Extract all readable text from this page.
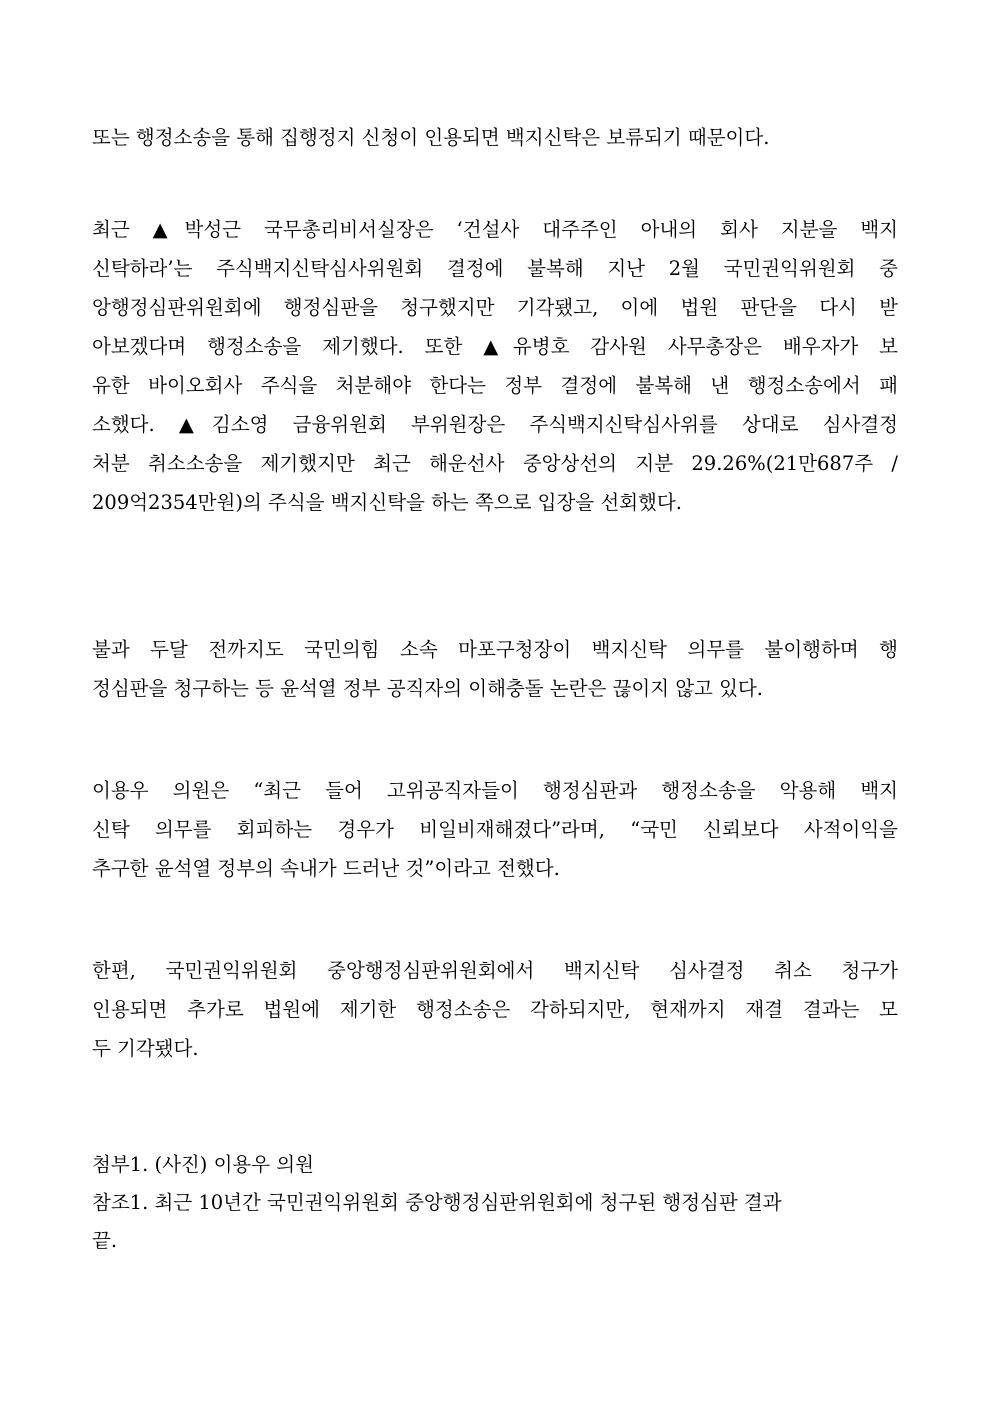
또는 행정소송을 통해 집행정지 신청이 인용되면 백지신탁은 보류되기 때문이다.
최근 ▲박성근 국무총리비서실장은 ‘건설사 대주주인 아내의 회사 지분을 백지
신탁하라’는 주식백지신탁심사위원회 결정에 불복해 지난 2월 국민권익위원회 중
앙행정심판위원회에 행정심판을 청구했지만 기각됐고, 이에 법원 판단을 다시 받
아보겠다며 행정소송을 제기했다. 또한 ▲유병호 감사원 사무총장은 배우자가 보
유한 바이오회사 주식을 처분해야 한다는 정부 결정에 불복해 낸 행정소송에서 패
소했다. ▲김소영 금융위원회 부위원장은 주식백지신탁심사위를 상대로 심사결정
처분 취소소송을 제기했지만 최근 해운선사 중앙상선의 지분 29.26%(21만687주 /
209억2354만원)의 주식을 백지신탁을 하는 쪽으로 입장을 선회했다.
불과 두달 전까지도 국민의힘 소속 마포구청장이 백지신탁 의무를 불이행하며 행
정심판을 청구하는 등 윤석열 정부 공직자의 이해충돌 논란은 끊이지 않고 있다.
이용우 의원은 “최근 들어 고위공직자들이 행정심판과 행정소송을 악용해 백지
신탁 의무를 회피하는 경우가 비일비재해졌다”라며, “국민 신뢰보다 사적이익을
추구한 윤석열 정부의 속내가 드러난 것”이라고 전했다.
한편, 국민권익위원회 중앙행정심판위원회에서 백지신탁 심사결정 취소 청구가
인용되면 추가로 법원에 제기한 행정소송은 각하되지만, 현재까지 재결 결과는 모
두 기각됐다.
첨부1. (사진) 이용우 의원
참조1. 최근 10년간 국민권익위원회 중앙행정심판위원회에 청구된 행정심판 결과
끝.
